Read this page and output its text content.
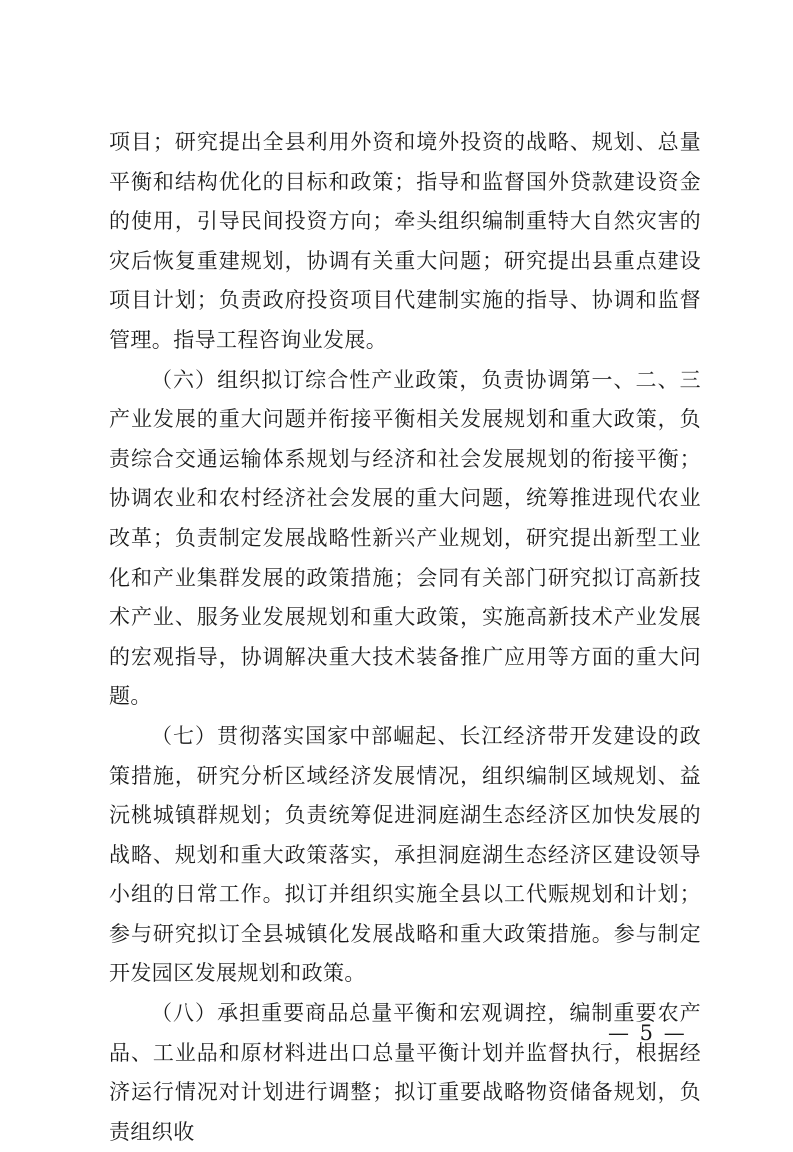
项目；研究提出全县利用外资和境外投资的战略、规划、总量平衡和结构优化的目标和政策；指导和监督国外贷款建设资金的使用，引导民间投资方向；牵头组织编制重特大自然灾害的灾后恢复重建规划，协调有关重大问题；研究提出县重点建设项目计划；负责政府投资项目代建制实施的指导、协调和监督管理。指导工程咨询业发展。

（六）组织拟订综合性产业政策，负责协调第一、二、三产业发展的重大问题并衔接平衡相关发展规划和重大政策，负责综合交通运输体系规划与经济和社会发展规划的衔接平衡；协调农业和农村经济社会发展的重大问题，统筹推进现代农业改革；负责制定发展战略性新兴产业规划，研究提出新型工业化和产业集群发展的政策措施；会同有关部门研究拟订高新技术产业、服务业发展规划和重大政策，实施高新技术产业发展的宏观指导，协调解决重大技术装备推广应用等方面的重大问题。

（七）贯彻落实国家中部崛起、长江经济带开发建设的政策措施，研究分析区域经济发展情况，组织编制区域规划、益沅桃城镇群规划；负责统筹促进洞庭湖生态经济区加快发展的战略、规划和重大政策落实，承担洞庭湖生态经济区建设领导小组的日常工作。拟订并组织实施全县以工代赈规划和计划；参与研究拟订全县城镇化发展战略和重大政策措施。参与制定开发园区发展规划和政策。

（八）承担重要商品总量平衡和宏观调控，编制重要农产品、工业品和原材料进出口总量平衡计划并监督执行，根据经济运行情况对计划进行调整；拟订重要战略物资储备规划，负责组织收

— 5 —
